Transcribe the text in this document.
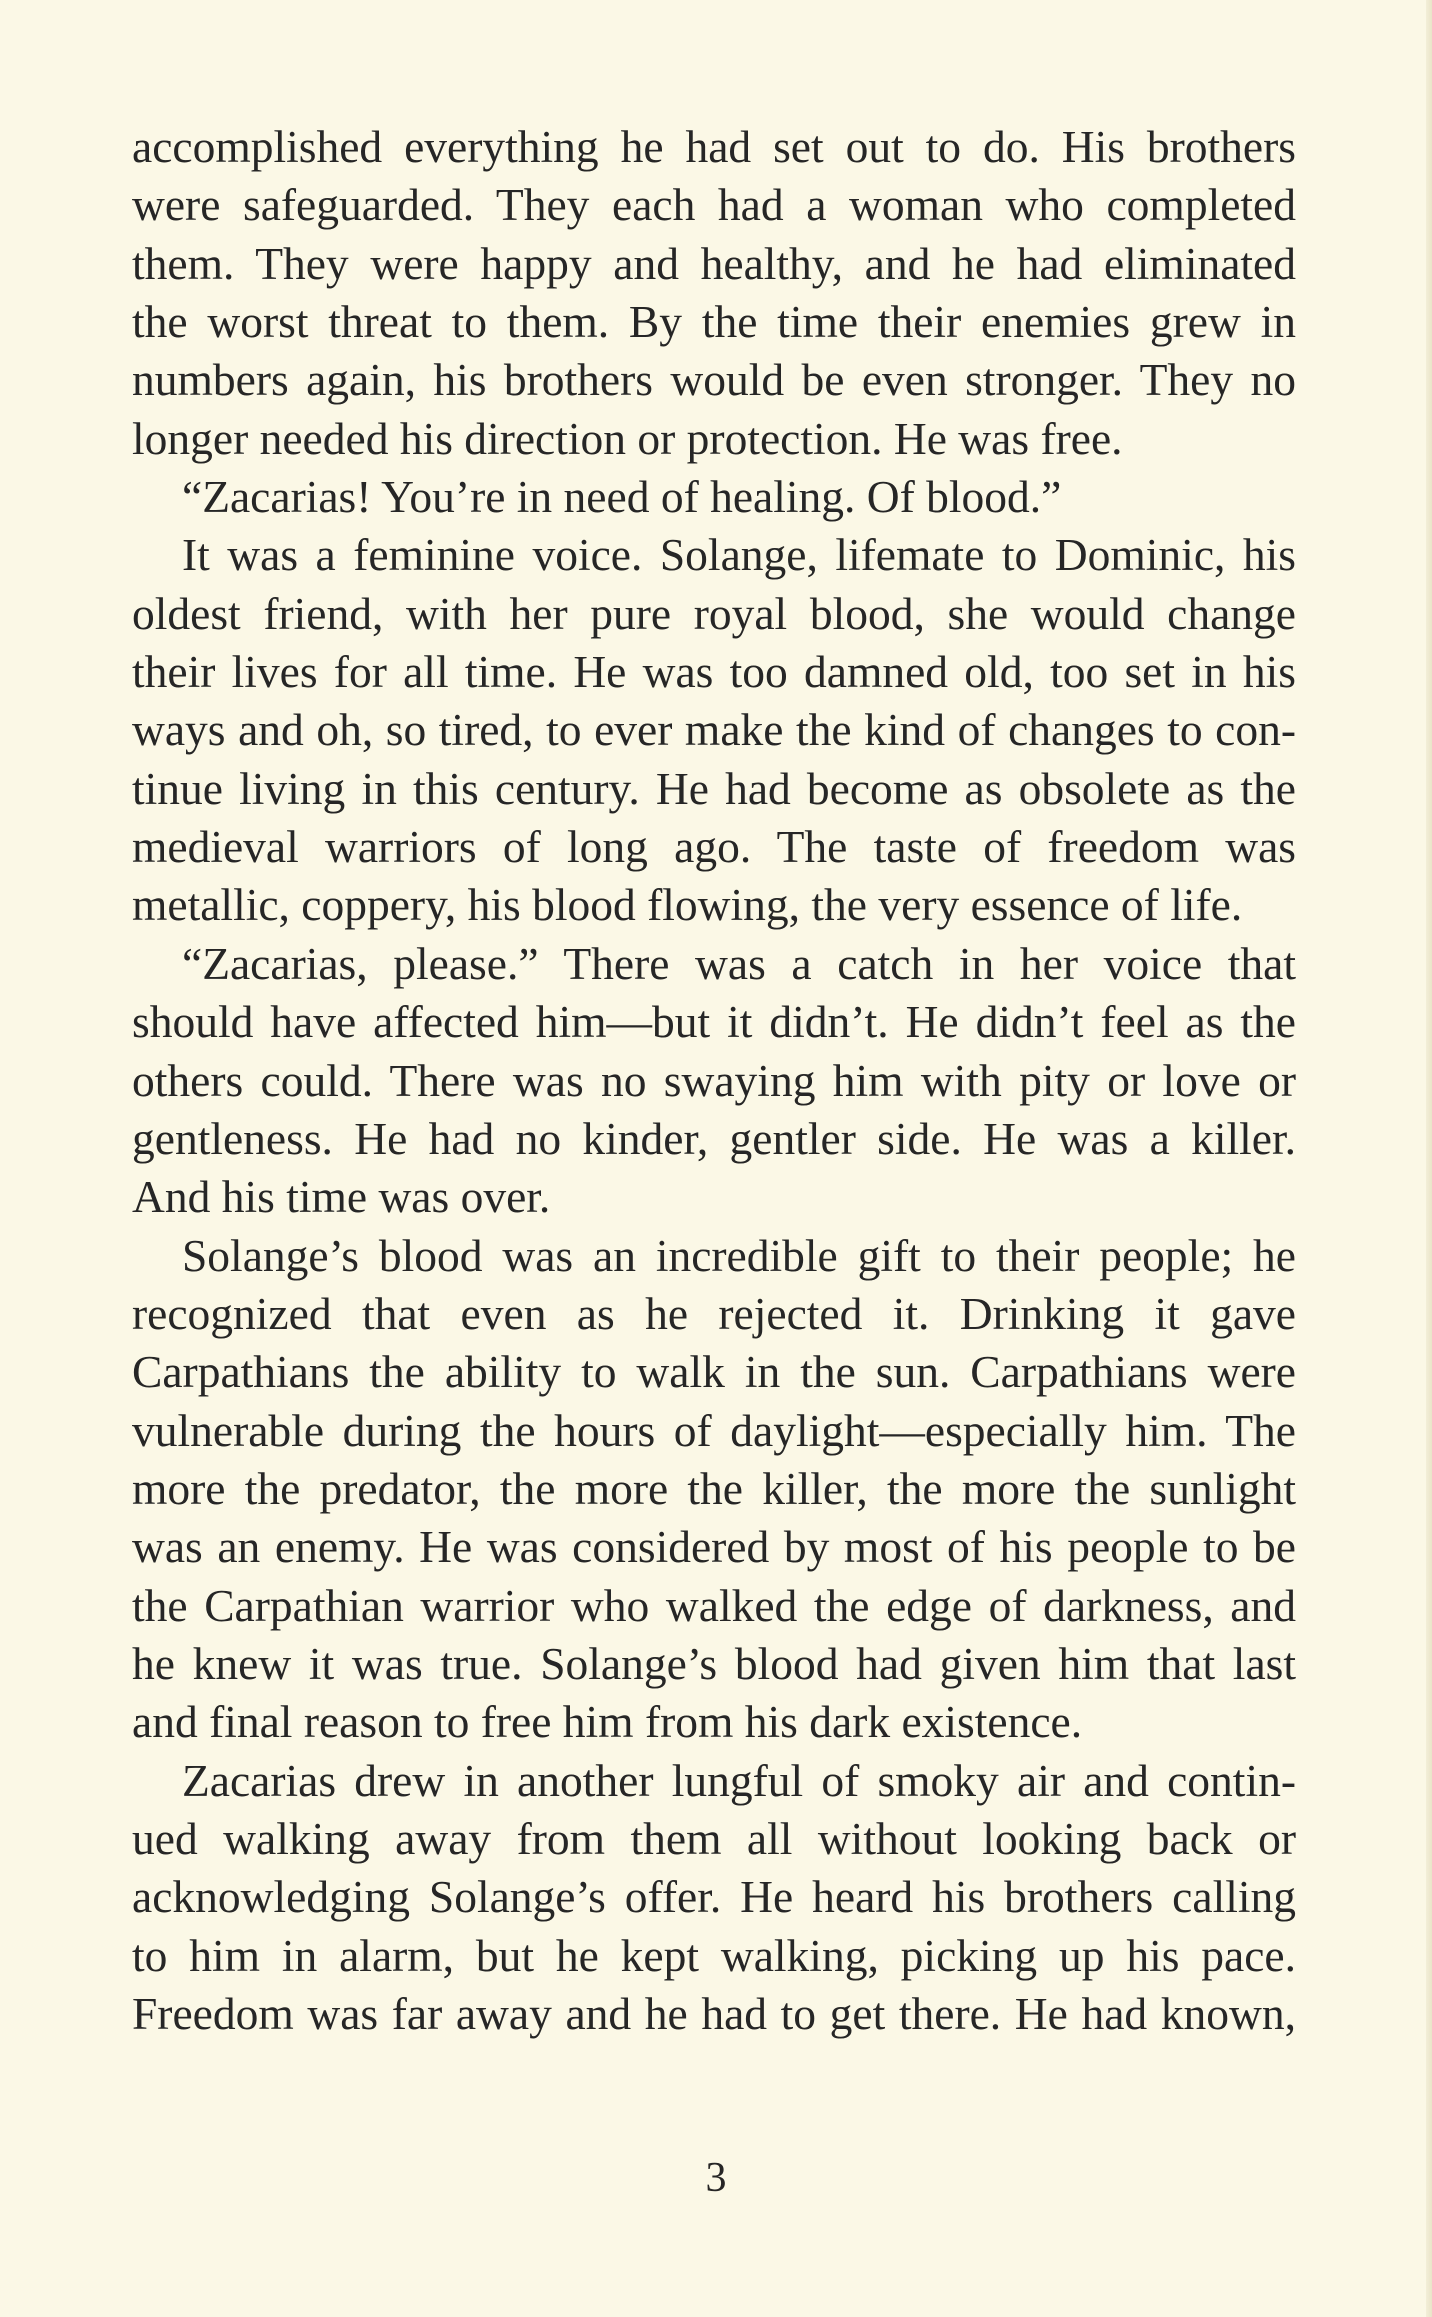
accomplished everything he had set out to do. His brothers
were safeguarded. They each had a woman who completed
them. They were happy and healthy, and he had eliminated
the worst threat to them. By the time their enemies grew in
numbers again, his brothers would be even stronger. They no
longer needed his direction or protection. He was free.
“Zacarias! You’re in need of healing. Of blood.”
It was a feminine voice. Solange, lifemate to Dominic, his
oldest friend, with her pure royal blood, she would change
their lives for all time. He was too damned old, too set in his
ways and oh, so tired, to ever make the kind of changes to con-
tinue living in this century. He had become as obsolete as the
medieval warriors of long ago. The taste of freedom was
metallic, coppery, his blood flowing, the very essence of life.
“Zacarias, please.” There was a catch in her voice that
should have affected him—but it didn’t. He didn’t feel as the
others could. There was no swaying him with pity or love or
gentleness. He had no kinder, gentler side. He was a killer.
And his time was over.
Solange’s blood was an incredible gift to their people; he
recognized that even as he rejected it. Drinking it gave
Carpathians the ability to walk in the sun. Carpathians were
vulnerable during the hours of daylight—especially him. The
more the predator, the more the killer, the more the sunlight
was an enemy. He was considered by most of his people to be
the Carpathian warrior who walked the edge of darkness, and
he knew it was true. Solange’s blood had given him that last
and final reason to free him from his dark existence.
Zacarias drew in another lungful of smoky air and contin-
ued walking away from them all without looking back or
acknowledging Solange’s offer. He heard his brothers calling
to him in alarm, but he kept walking, picking up his pace.
Freedom was far away and he had to get there. He had known,
3
